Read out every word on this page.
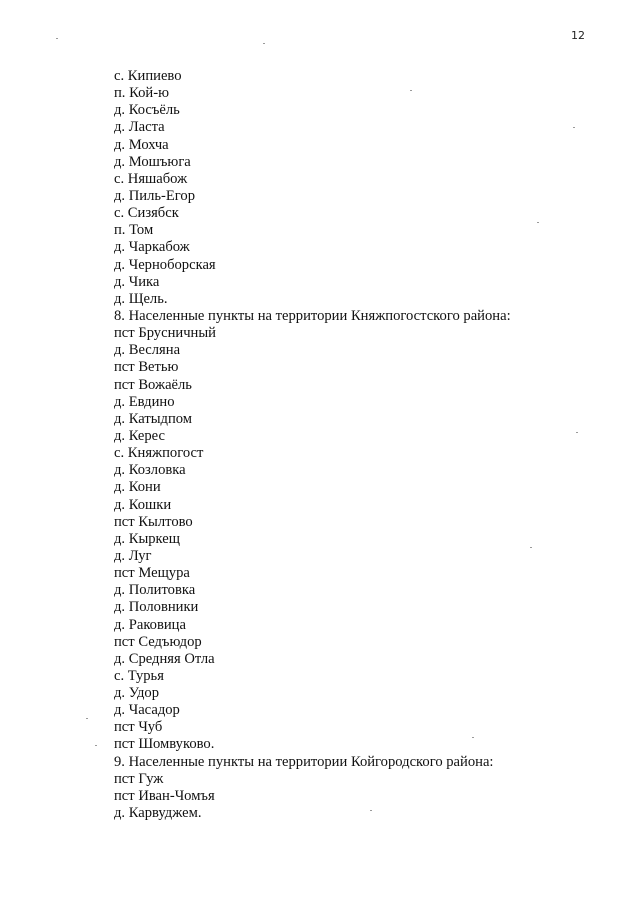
12
с. Кипиево
п. Кой-ю
д. Косъёль
д. Ласта
д. Мохча
д. Мошъюга
с. Няшабож
д. Пиль-Егор
с. Сизябск
п. Том
д. Чаркабож
д. Черноборская
д. Чика
д. Щель.
8. Населенные пункты на территории Княжпогостского района:
пст Брусничный
д. Весляна
пст Ветью
пст Вожаёль
д. Евдино
д. Катыдпом
д. Керес
с. Княжпогост
д. Козловка
д. Кони
д. Кошки
пст Кылтово
д. Кыркещ
д. Луг
пст Мещура
д. Политовка
д. Половники
д. Раковица
пст Седъюдор
д. Средняя Отла
с. Турья
д. Удор
д. Часадор
пст Чуб
пст Шомвуково.
9. Населенные пункты на территории Койгородского района:
пст Гуж
пст Иван-Чомъя
д. Карвуджем.
